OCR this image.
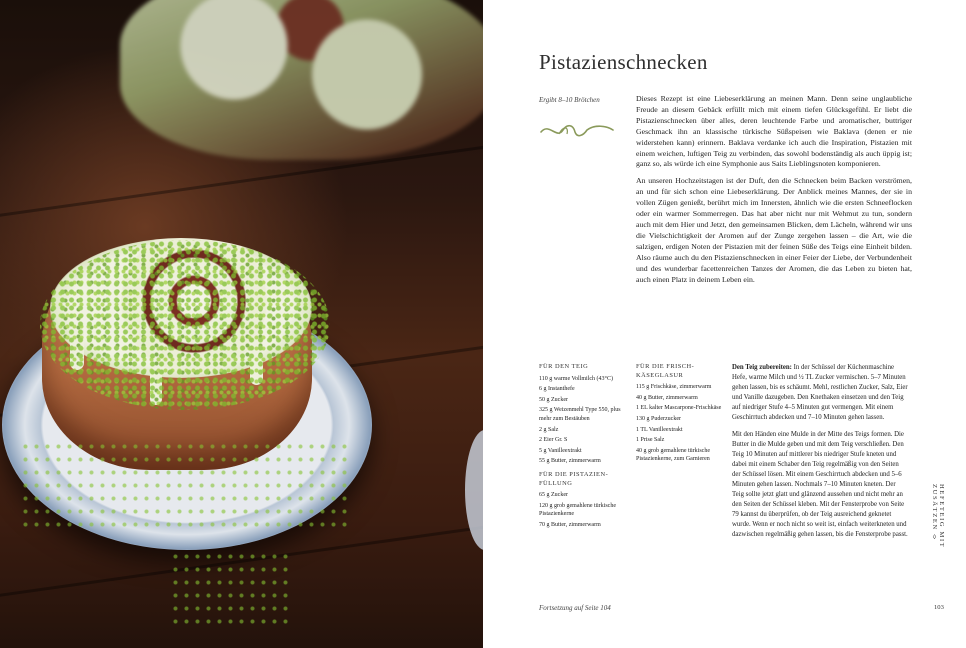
Pistazienschnecken
Ergibt 8–10 Brötchen	Dieses Rezept ist eine Liebeserklärung an meinen Mann. Denn seine unglaubliche Freude an diesem Gebäck erfüllt mich mit einem tiefen Glücksgefühl. Er liebt die Pistazienschnecken über alles, deren leuchtende Farbe und aromatischer, buttriger Geschmack ihn an klassische türkische Süßspeisen wie Baklava (denen er nie widerstehen kann) erinnern. Baklava verdanke ich auch die Inspiration, Pistazien mit einem weichen, luftigen Teig zu verbinden, das sowohl bodenständig als auch üppig ist; ganz so, als würde ich eine Symphonie aus Saits Lieblingsnoten komponieren.

An unseren Hochzeitstagen ist der Duft, den die Schnecken beim Backen verströmen, an und für sich schon eine Liebeserklärung. Der Anblick meines Mannes, der sie in vollen Zügen genießt, berührt mich im Innersten, ähnlich wie die ersten Schneeflocken oder ein warmer Sommerregen. Das hat aber nicht nur mit Wehmut zu tun, sondern auch mit dem Hier und Jetzt, den gemeinsamen Blicken, dem Lächeln, während wir uns die Vielschichtigkeit der Aromen auf der Zunge zergehen lassen – die Art, wie die salzigen, erdigen Noten der Pistazien mit der feinen Süße des Teigs eine Einheit bilden. Also räume auch du den Pistazienschnecken in einer Feier der Liebe, der Verbundenheit und des wunderbar facettenreichen Tanzes der Aromen, die das Leben zu bieten hat, auch einen Platz in deinem Leben ein.

FÜR DEN TEIG
110 g warme Vollmilch (43°C)
6 g Instanthefe
50 g Zucker
325 g Weizenmehl Type 550, plus mehr zum Bestäuben
2 g Salz
2 Eier Gr. S
5 g Vanilleextrakt
55 g Butter, zimmerwarm
FÜR DIE PISTAZIEN-FÜLLUNG
65 g Zucker
120 g grob gemahlene türkische Pistazienkerne
70 g Butter, zimmerwarm
FÜR DIE FRISCH-KÄSEGLASUR
115 g Frischkäse, zimmerwarm
40 g Butter, zimmerwarm
1 EL kalter Mascarpone-Frischkäse
130 g Puderzucker
1 TL Vanilleextrakt
1 Prise Salz
40 g grob gemahlene türkische Pistazienkerne, zum Garnieren

Den Teig zubereiten: In der Schüssel der Küchenmaschine Hefe, warme Milch und ½ TL Zucker vermischen. 5–7 Minuten gehen lassen, bis es schäumt. Mehl, restlichen Zucker, Salz, Eier und Vanille dazugeben. Den Knethaken einsetzen und den Teig auf niedriger Stufe 4–5 Minuten gut vermengen. Mit einem Geschirrtuch abdecken und 7–10 Minuten gehen lassen.

Mit den Händen eine Mulde in der Mitte des Teigs formen. Die Butter in die Mulde geben und mit dem Teig verschließen. Den Teig 10 Minuten auf mittlerer bis niedriger Stufe kneten und dabei mit einem Schaber den Teig regelmäßig von den Seiten der Schüssel lösen. Mit einem Geschirrtuch abdecken und 5–6 Minuten gehen lassen. Nochmals 7–10 Minuten kneten. Der Teig sollte jetzt glatt und glänzend aussehen und nicht mehr an den Seiten der Schüssel kleben. Mit der Fensterprobe von Seite 79 kannst du überprüfen, ob der Teig ausreichend geknetet wurde. Wenn er noch nicht so weit ist, einfach weiterkneten und dazwischen regelmäßig gehen lassen, bis die Fensterprobe passt.

Fortsetzung auf Seite 104
HEFETEIG MIT ZUSÄTZEN ◊
103
